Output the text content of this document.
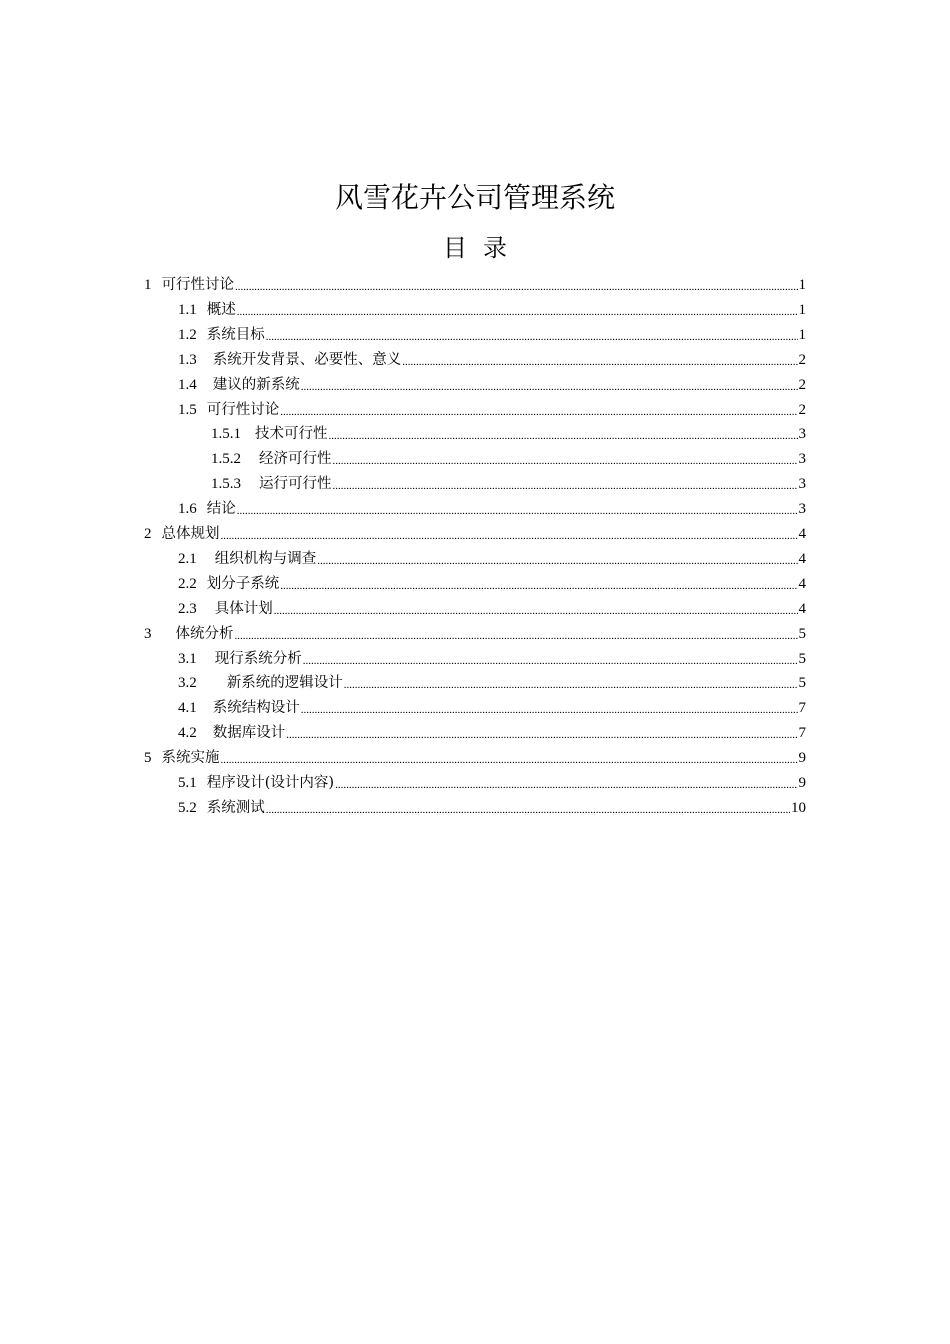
风雪花卉公司管理系统
目录
1 可行性讨论 .....	1
1.1 概述 .....	1
1.2 系统目标 .....	1
1.3 系统开发背景、必要性、意义 .....	2
1.4 建议的新系统 .....	2
1.5 可行性讨论 .....	2
1.5.1 技术可行性 .....	3
1.5.2 经济可行性 .....	3
1.5.3 运行可行性 .....	3
1.6 结论 .....	3
2 总体规划 .....	4
2.1 组织机构与调查 .....	4
2.2 划分子系统 .....	4
2.3 具体计划 .....	4
3 体统分析 .....	5
3.1 现行系统分析 .....	5
3.2 新系统的逻辑设计 .....	5
4.1 系统结构设计 .....	7
4.2 数据库设计 .....	7
5 系统实施 .....	9
5.1 程序设计(设计内容) .....	9
5.2 系统测试 .....	10
